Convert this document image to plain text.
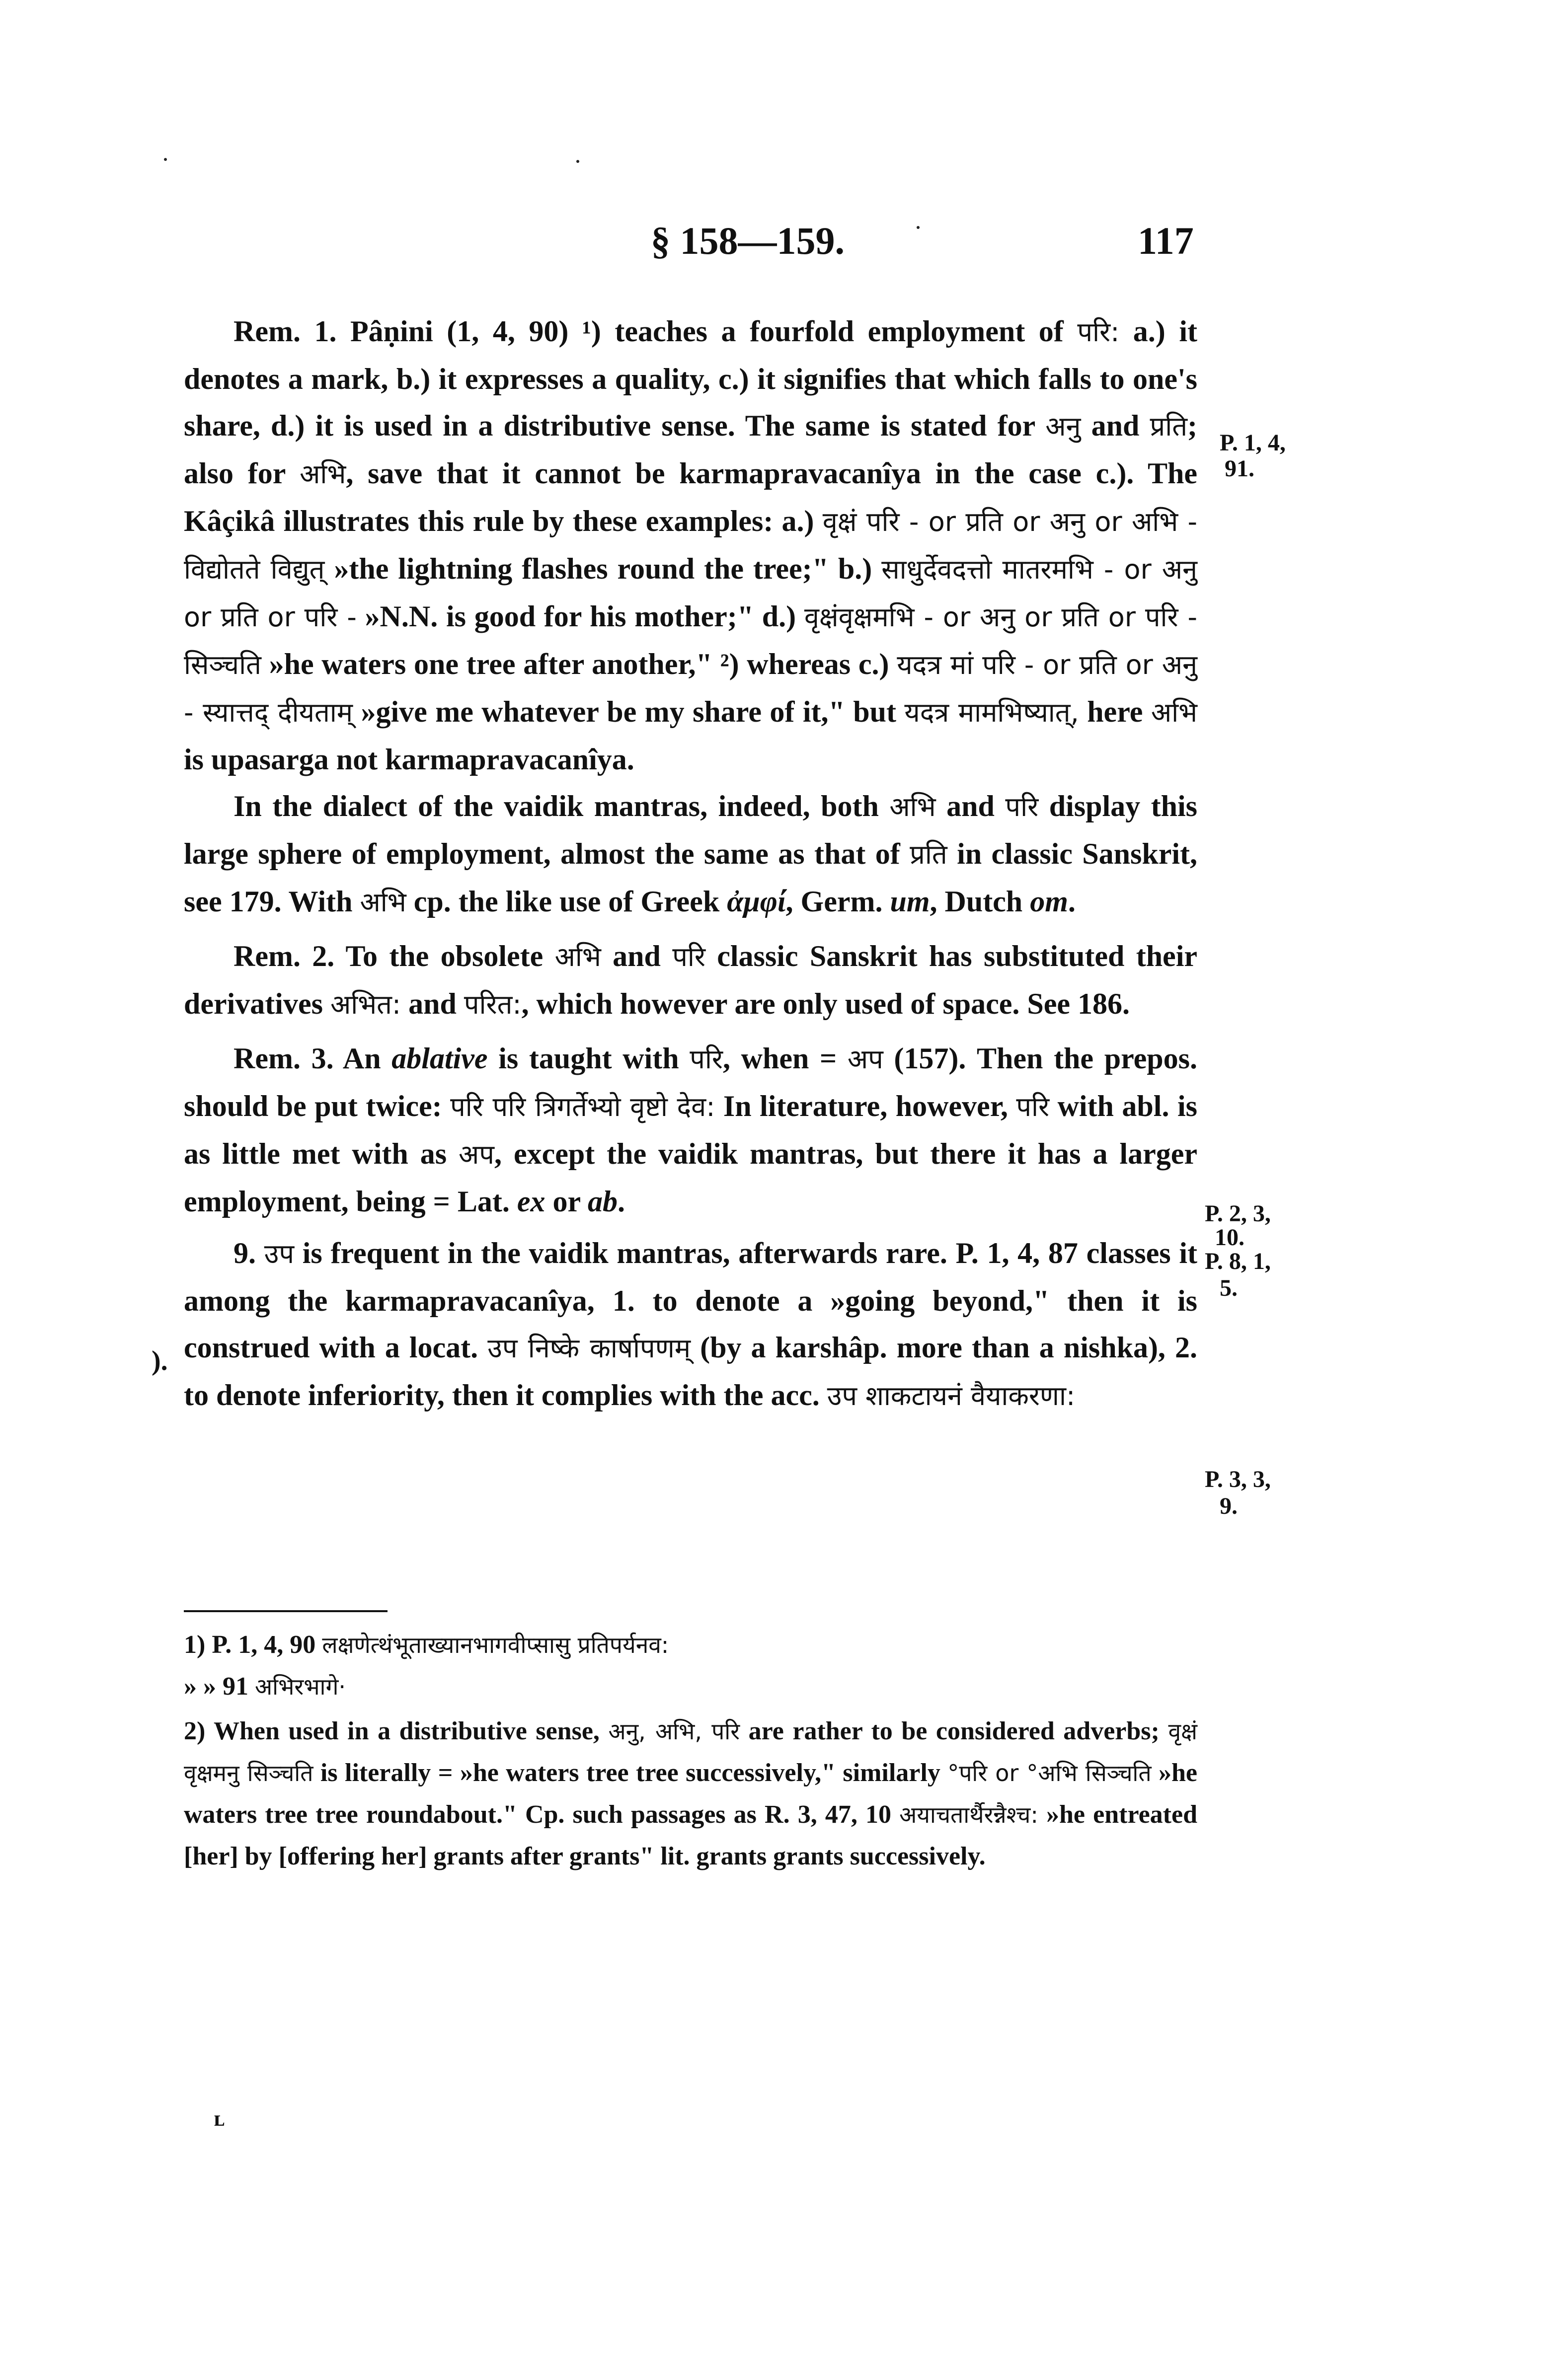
§ 158—159.	117

Rem. 1. Pâṇini (1, 4, 90) ¹) teaches a fourfold employment of परि: a.) it denotes a mark, b.) it expresses a quality, c.) it signifies that which falls to one's share, d.) it is used in a distributive sense. The same is stated for अनु and प्रति; also for अभि, save that it cannot be karmapravacanîya in the case c.). The Kâçikâ illustrates this rule by these examples: a.) वृक्षं परि - or प्रति or अनु or अभि - विद्योतते विद्युत् »the lightning flashes round the tree;" b.) साधुर्देवदत्तो मातरमभि - or अनु or प्रति or परि - »N.N. is good for his mother;" d.) वृक्षंवृक्षमभि - or अनु or प्रति or परि - सिञ्चति »he waters one tree after another," ²) whereas c.) यदत्र मां परि - or प्रति or अनु - स्यात्तद् दीयताम् »give me whatever be my share of it," but यदत्र मामभिष्यात्, here अभि is upasarga not karmapravacanîya.

In the dialect of the vaidik mantras, indeed, both अभि and परि display this large sphere of employment, almost the same as that of प्रति in classic Sanskrit, see 179. With अभि cp. the like use of Greek ἀμφί, Germ. um, Dutch om.

Rem. 2. To the obsolete अभि and परि classic Sanskrit has substituted their derivatives अभित: and परित:, which however are only used of space. See 186.

Rem. 3. An ablative is taught with परि, when = अप (157). Then the prepos. should be put twice: परि परि त्रिगर्तेभ्यो वृष्टो देव: In literature, however, परि with abl. is as little met with as अप, except the vaidik mantras, but there it has a larger employment, being = Lat. ex or ab.

9. उप is frequent in the vaidik mantras, afterwards rare. P. 1, 4, 87 classes it among the karmapravacanîya, 1. to denote a »going beyond," then it is construed with a locat. उप निष्के कार्षापणम् (by a karshâp. more than a nishka), 2. to denote inferiority, then it complies with the acc. उप शाकटायनं वैयाकरणा:

1) P. 1, 4, 90 लक्षणेत्थंभूताख्यानभागवीप्सासु प्रतिपर्यनव:

» » 91 अभिरभागे·

2) When used in a distributive sense, अनु, अभि, परि are rather to be considered adverbs; वृक्षं वृक्षमनु सिञ्चति is literally = »he waters tree tree successively," similarly °परि or °अभि सिञ्चति »he waters tree tree roundabout." Cp. such passages as R. 3, 47, 10 अयाचतार्थैरन्नैश्च: »he entreated [her] by [offering her] grants after grants" lit. grants grants successively.

P. 1, 4,
91.
P. 2, 3,
10.
P. 8, 1,
5.
P. 3, 3,
9.
).
ʟ
